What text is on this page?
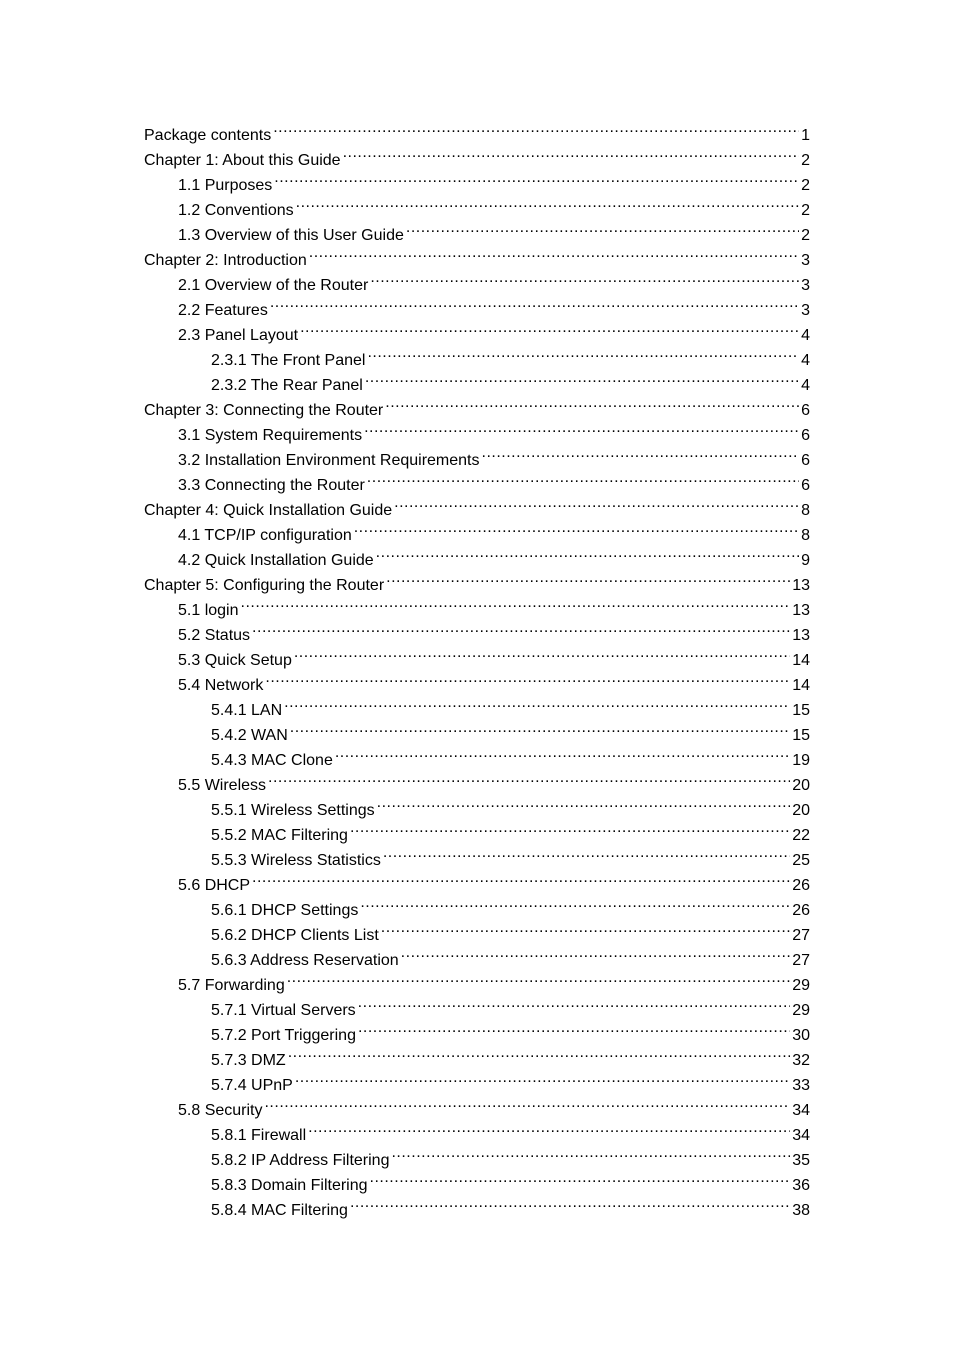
Package contents .....	1
Chapter 1: About this Guide .....	2
1.1 Purposes .....	2
1.2 Conventions .....	2
1.3 Overview of this User Guide .....	2
Chapter 2: Introduction .....	3
2.1 Overview of the Router .....	3
2.2 Features .....	3
2.3 Panel Layout .....	4
2.3.1 The Front Panel .....	4
2.3.2 The Rear Panel .....	4
Chapter 3: Connecting the Router .....	6
3.1 System Requirements .....	6
3.2 Installation Environment Requirements .....	6
3.3 Connecting the Router .....	6
Chapter 4: Quick Installation Guide .....	8
4.1 TCP/IP configuration .....	8
4.2 Quick Installation Guide .....	9
Chapter 5: Configuring the Router .....	13
5.1 login .....	13
5.2 Status .....	13
5.3 Quick Setup .....	14
5.4 Network .....	14
5.4.1 LAN .....	15
5.4.2 WAN .....	15
5.4.3 MAC Clone .....	19
5.5 Wireless .....	20
5.5.1 Wireless Settings .....	20
5.5.2 MAC Filtering .....	22
5.5.3 Wireless Statistics .....	25
5.6 DHCP .....	26
5.6.1 DHCP Settings .....	26
5.6.2 DHCP Clients List .....	27
5.6.3 Address Reservation .....	27
5.7 Forwarding .....	29
5.7.1 Virtual Servers .....	29
5.7.2 Port Triggering .....	30
5.7.3 DMZ .....	32
5.7.4 UPnP .....	33
5.8 Security .....	34
5.8.1 Firewall .....	34
5.8.2 IP Address Filtering .....	35
5.8.3 Domain Filtering .....	36
5.8.4 MAC Filtering .....	38
